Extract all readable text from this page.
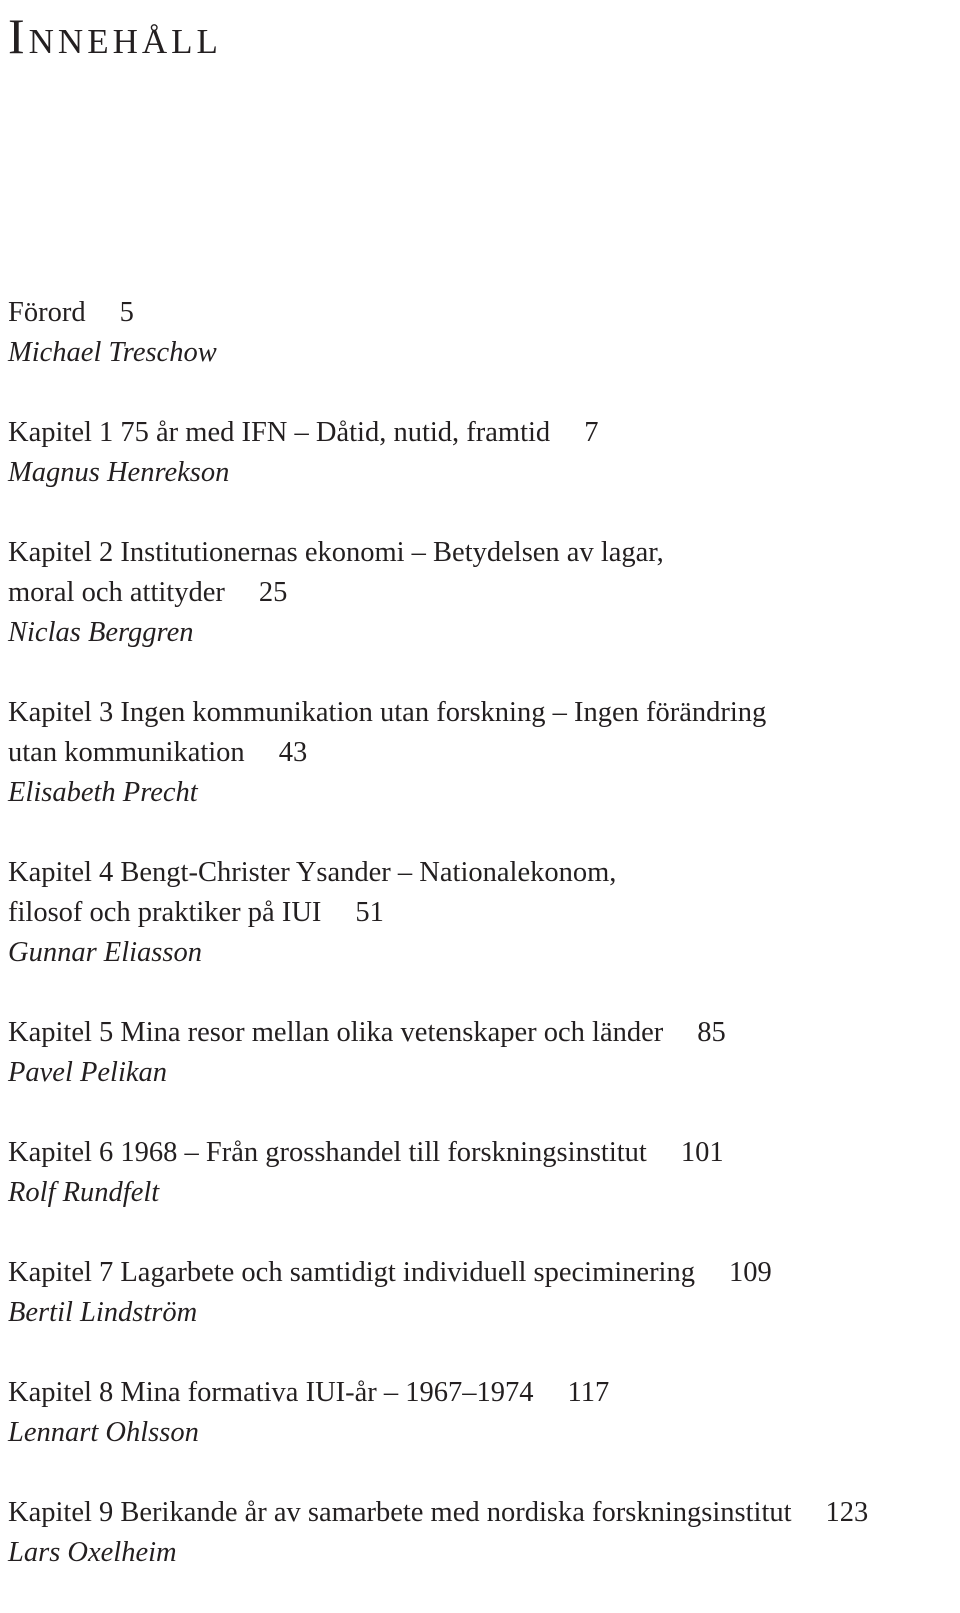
Innehåll
Förord 5
Michael Treschow
Kapitel 1 75 år med IFN – Dåtid, nutid, framtid 7
Magnus Henrekson
Kapitel 2 Institutionernas ekonomi – Betydelsen av lagar,
moral och attityder 25
Niclas Berggren
Kapitel 3 Ingen kommunikation utan forskning – Ingen förändring
utan kommunikation 43
Elisabeth Precht
Kapitel 4 Bengt-Christer Ysander – Nationalekonom,
filosof och praktiker på IUI 51
Gunnar Eliasson
Kapitel 5 Mina resor mellan olika vetenskaper och länder 85
Pavel Pelikan
Kapitel 6 1968 – Från grosshandel till forskningsinstitut 101
Rolf Rundfelt
Kapitel 7 Lagarbete och samtidigt individuell speciminering 109
Bertil Lindström
Kapitel 8 Mina formativa IUI-år – 1967–1974 117
Lennart Ohlsson
Kapitel 9 Berikande år av samarbete med nordiska forskningsinstitut 123
Lars Oxelheim
